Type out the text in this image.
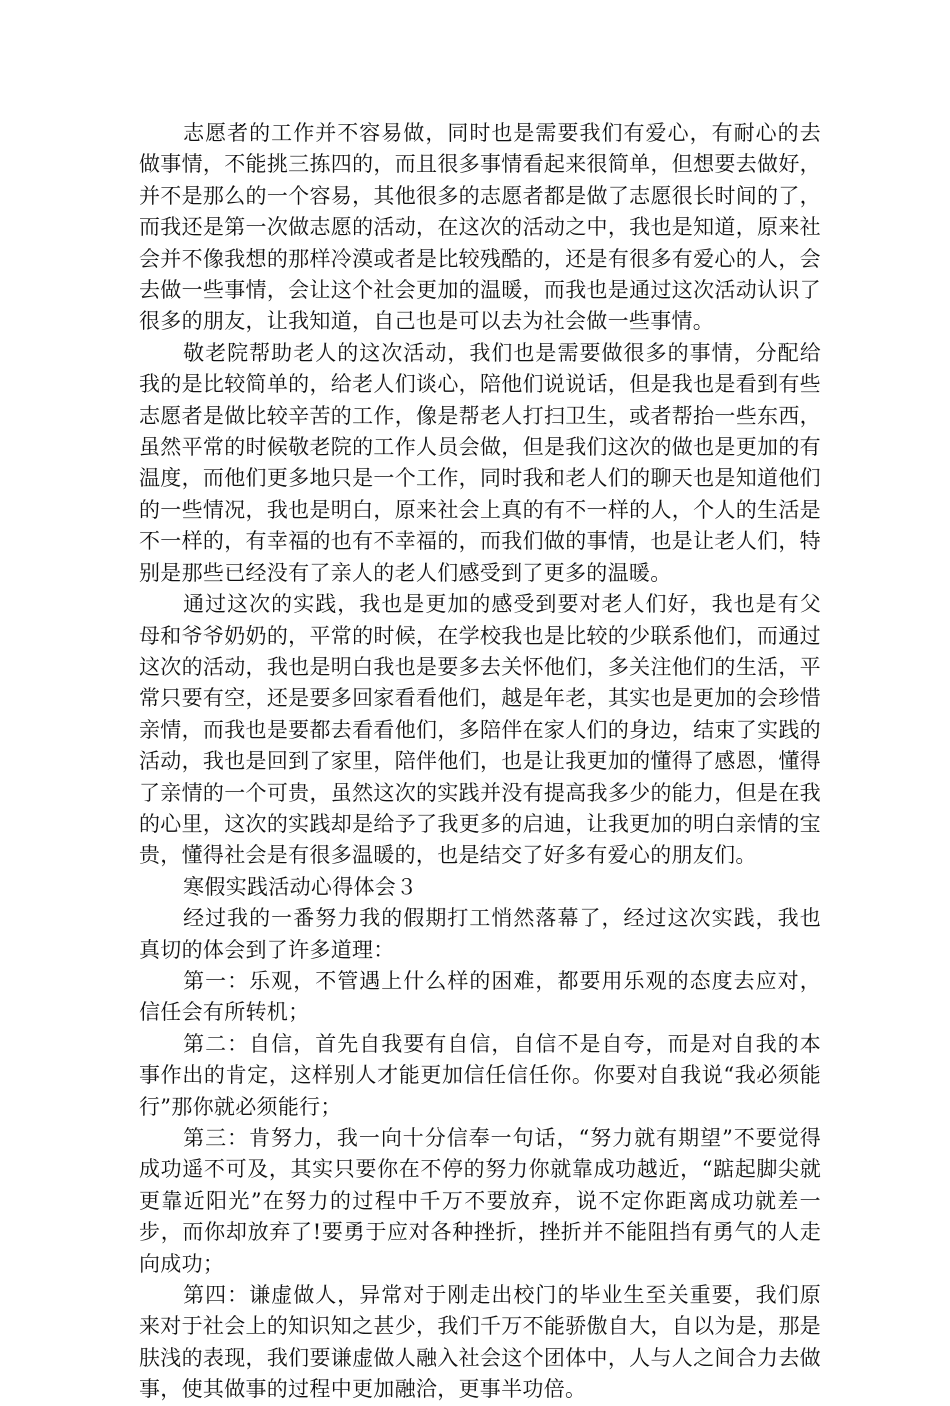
志愿者的工作并不容易做，同时也是需要我们有爱心，有耐心的去做事情，不能挑三拣四的，而且很多事情看起来很简单，但想要去做好，并不是那么的一个容易，其他很多的志愿者都是做了志愿很长时间的了，而我还是第一次做志愿的活动，在这次的活动之中，我也是知道，原来社会并不像我想的那样冷漠或者是比较残酷的，还是有很多有爱心的人，会去做一些事情，会让这个社会更加的温暖，而我也是通过这次活动认识了很多的朋友，让我知道，自己也是可以去为社会做一些事情。

敬老院帮助老人的这次活动，我们也是需要做很多的事情，分配给我的是比较简单的，给老人们谈心，陪他们说说话，但是我也是看到有些志愿者是做比较辛苦的工作，像是帮老人打扫卫生，或者帮抬一些东西，虽然平常的时候敬老院的工作人员会做，但是我们这次的做也是更加的有温度，而他们更多地只是一个工作，同时我和老人们的聊天也是知道他们的一些情况，我也是明白，原来社会上真的有不一样的人，个人的生活是不一样的，有幸福的也有不幸福的，而我们做的事情，也是让老人们，特别是那些已经没有了亲人的老人们感受到了更多的温暖。

通过这次的实践，我也是更加的感受到要对老人们好，我也是有父母和爷爷奶奶的，平常的时候，在学校我也是比较的少联系他们，而通过这次的活动，我也是明白我也是要多去关怀他们，多关注他们的生活，平常只要有空，还是要多回家看看他们，越是年老，其实也是更加的会珍惜亲情，而我也是要都去看看他们，多陪伴在家人们的身边，结束了实践的活动，我也是回到了家里，陪伴他们，也是让我更加的懂得了感恩，懂得了亲情的一个可贵，虽然这次的实践并没有提高我多少的能力，但是在我的心里，这次的实践却是给予了我更多的启迪，让我更加的明白亲情的宝贵，懂得社会是有很多温暖的，也是结交了好多有爱心的朋友们。

寒假实践活动心得体会３

经过我的一番努力我的假期打工悄然落幕了，经过这次实践，我也真切的体会到了许多道理：

第一：乐观，不管遇上什么样的困难，都要用乐观的态度去应对，信任会有所转机；

第二：自信，首先自我要有自信，自信不是自夸，而是对自我的本事作出的肯定，这样别人才能更加信任信任你。你要对自我说“我必须能行”那你就必须能行；

第三：肯努力，我一向十分信奉一句话，“努力就有期望”不要觉得成功遥不可及，其实只要你在不停的努力你就靠成功越近，“踮起脚尖就更靠近阳光”在努力的过程中千万不要放弃，说不定你距离成功就差一步，而你却放弃了!要勇于应对各种挫折，挫折并不能阻挡有勇气的人走向成功；

第四：谦虚做人，异常对于刚走出校门的毕业生至关重要，我们原来对于社会上的知识知之甚少，我们千万不能骄傲自大，自以为是，那是肤浅的表现，我们要谦虚做人融入社会这个团体中，人与人之间合力去做事，使其做事的过程中更加融洽，更事半功倍。
